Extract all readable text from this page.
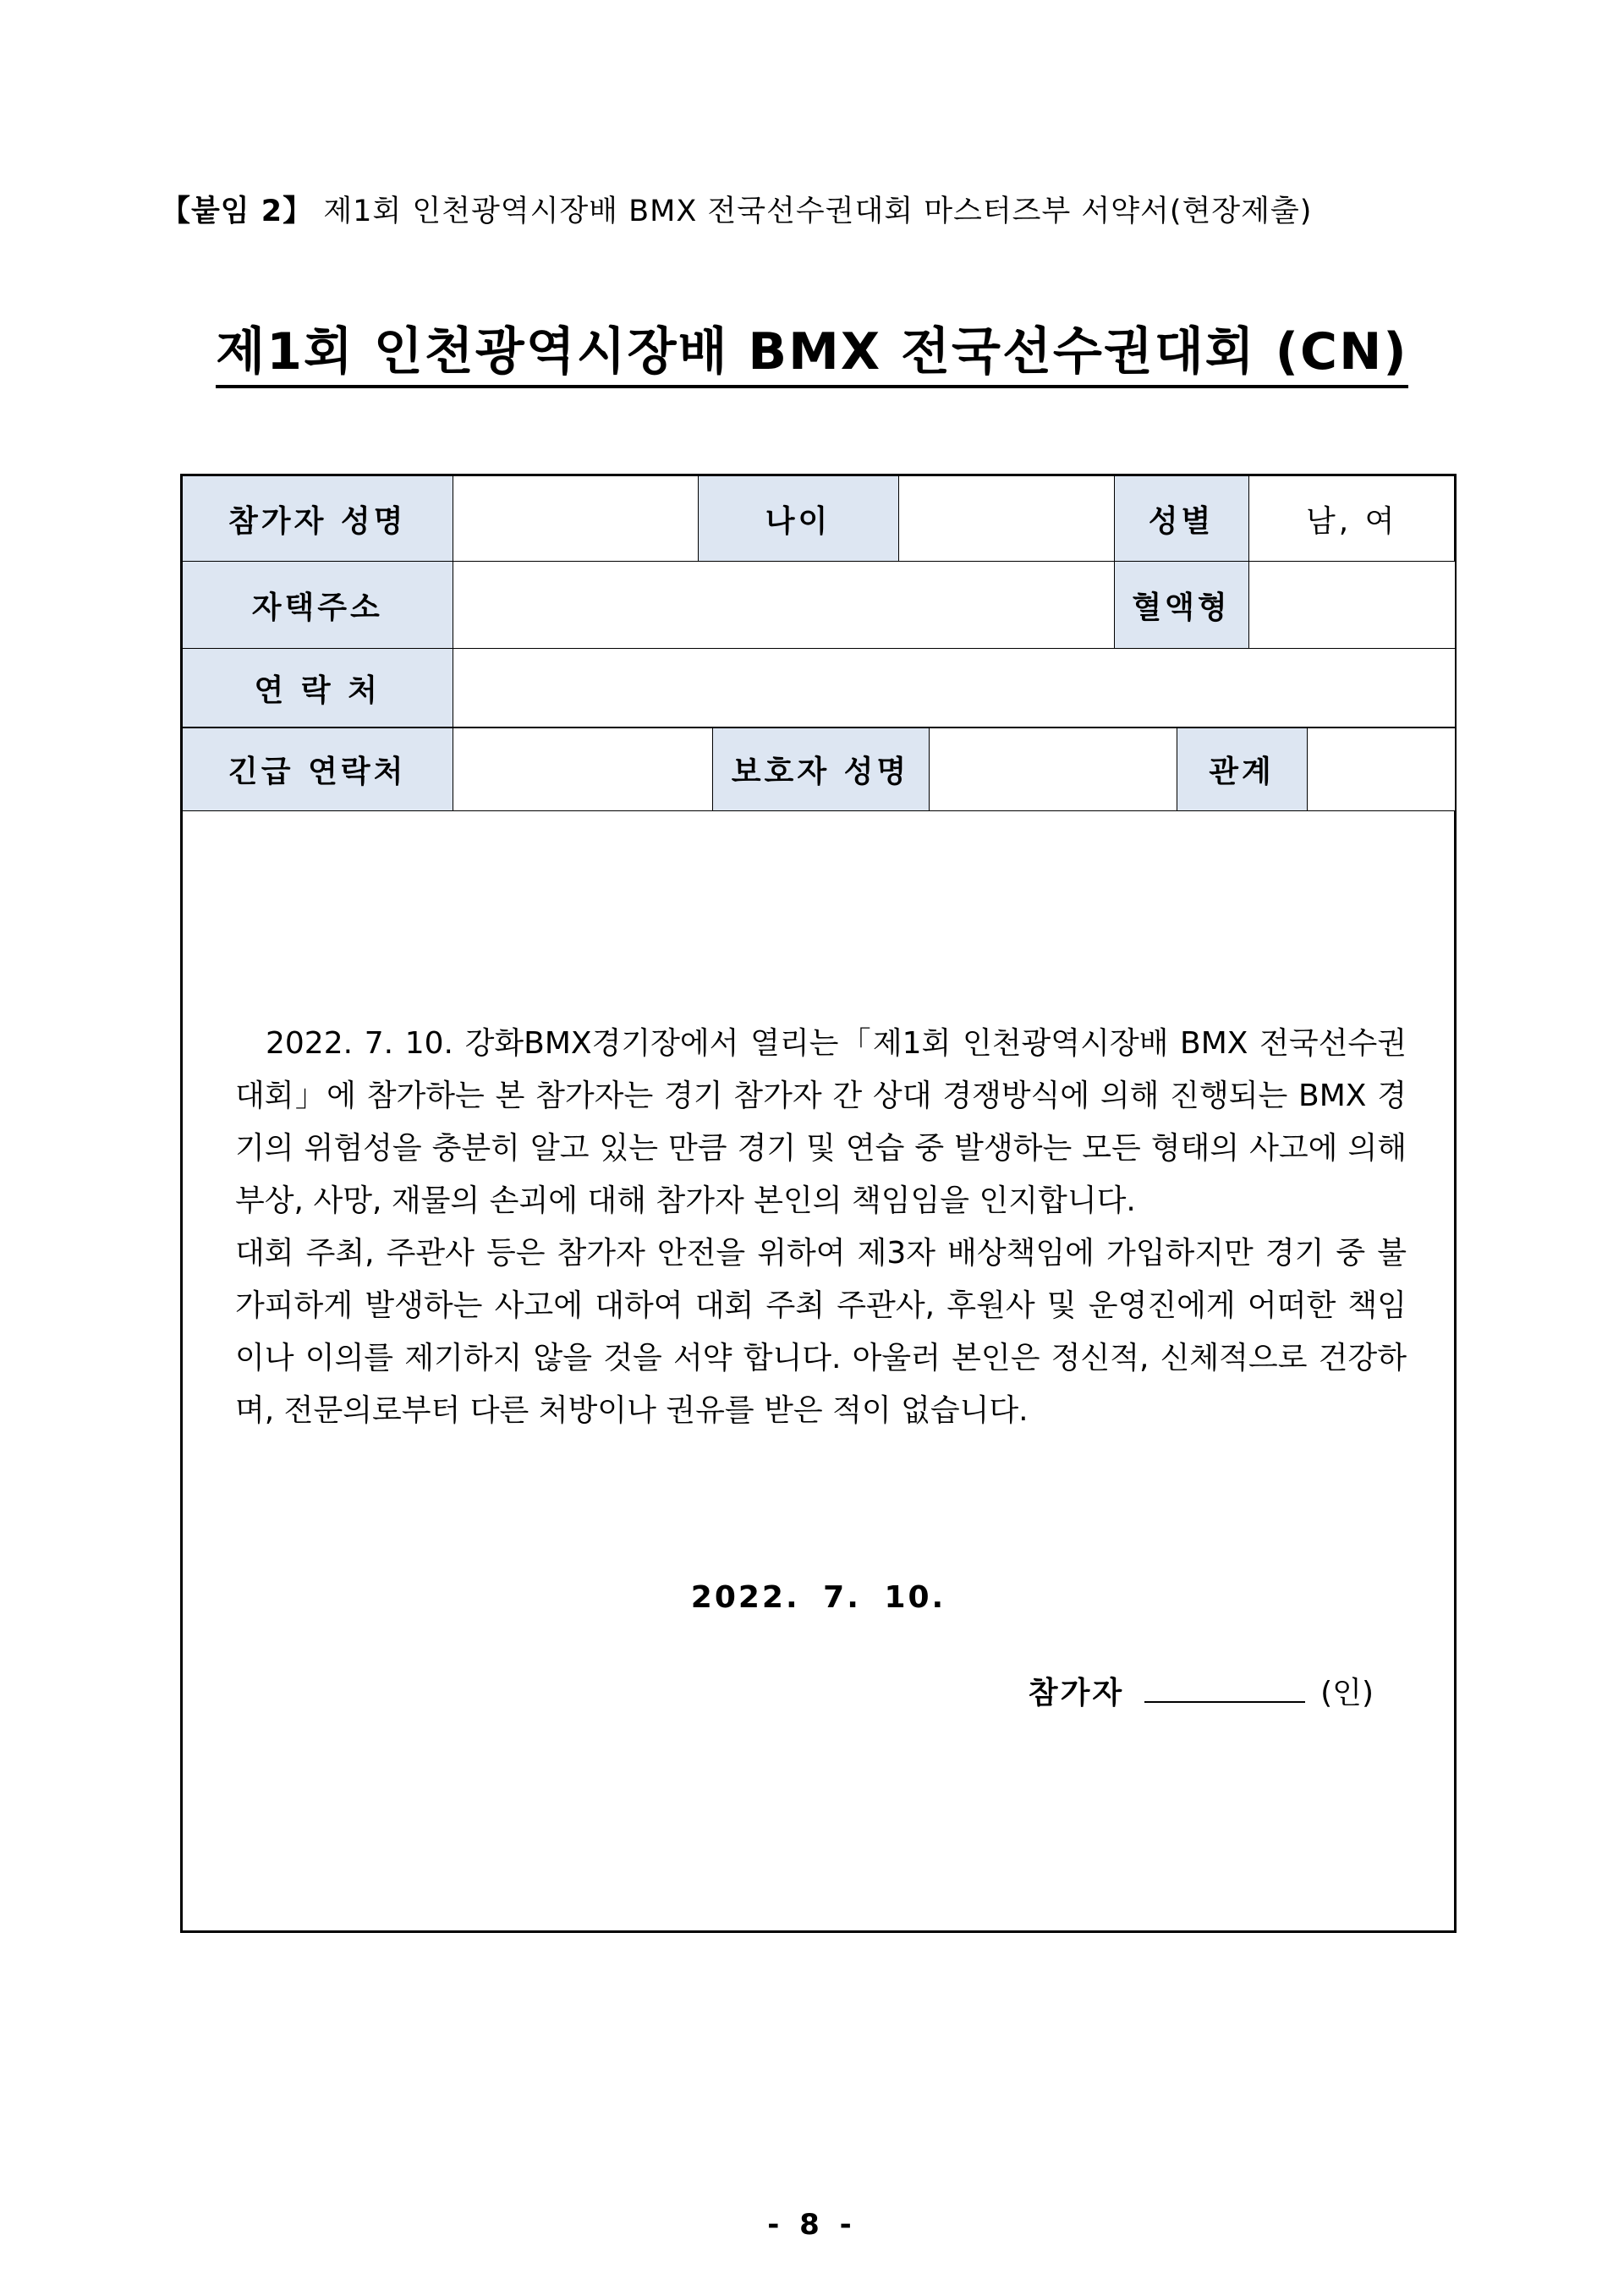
【붙임 2】 제1회 인천광역시장배 BMX 전국선수권대회 마스터즈부 서약서(현장제출)
제1회 인천광역시장배 BMX 전국선수권대회 (CN)
참가자 성명		나이		성별	남, 여
자택주소				혈액형	
연 락 처					
긴급 연락처		보호자 성명		관계	

2022. 7. 10. 강화BMX경기장에서 열리는「제1회 인천광역시장배 BMX 전국선수권대회」에 참가하는 본 참가자는 경기 참가자 간 상대 경쟁방식에 의해 진행되는 BMX 경기의 위험성을 충분히 알고 있는 만큼 경기 및 연습 중 발생하는 모든 형태의 사고에 의해 부상, 사망, 재물의 손괴에 대해 참가자 본인의 책임임을 인지합니다.

대회 주최, 주관사 등은 참가자 안전을 위하여 제3자 배상책임에 가입하지만 경기 중 불가피하게 발생하는 사고에 대하여 대회 주최 주관사, 후원사 및 운영진에게 어떠한 책임이나 이의를 제기하지 않을 것을 서약 합니다. 아울러 본인은 정신적, 신체적으로 건강하며, 전문의로부터 다른 처방이나 권유를 받은 적이 없습니다.

2022. 7. 10.
참가자	(인)
- 8 -
